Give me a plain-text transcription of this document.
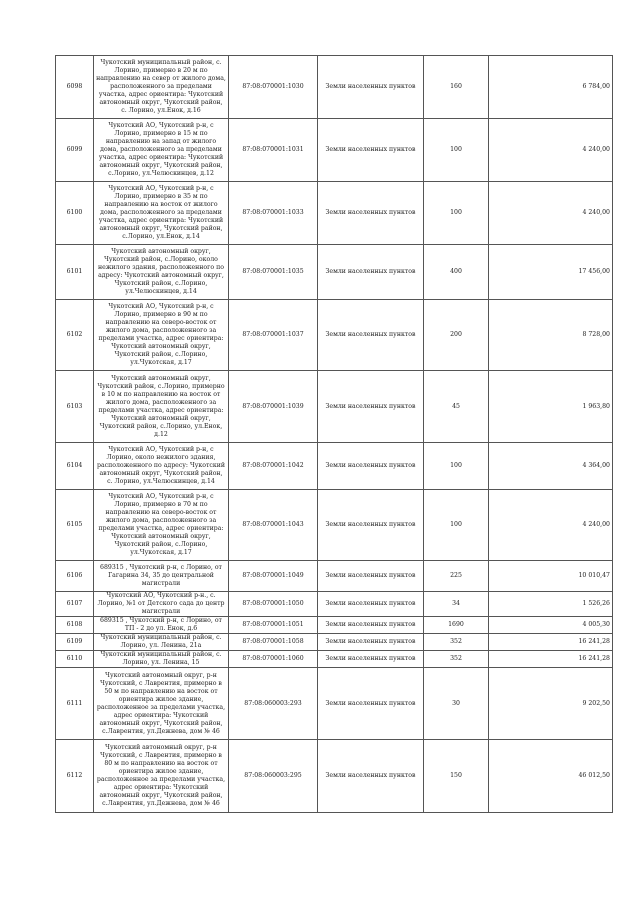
6098	Чукотский муниципальный район, с. Лорино, примерно в 20 м по направлению на север от жилого дома, расположенного за пределами участка, адрес ориентира: Чукотский автономный округ, Чукотский район, с. Лорино, ул.Енок, д.16	87:08:070001:1030	Земли населенных пунктов	160	6 784,00
6099	Чукотский АО, Чукотский р-н, с Лорино, примерно в 15 м по направлению на запад от жилого дома, расположенного за пределами участка, адрес ориентира: Чукотский автономный округ, Чукотский район, с.Лорино, ул.Челюскинцев, д.12	87:08:070001:1031	Земли населенных пунктов	100	4 240,00
6100	Чукотский АО, Чукотский р-н, с Лорино, примерно в 35 м по направлению на восток от жилого дома, расположенного за пределами участка, адрес ориентира: Чукотский автономный округ, Чукотский район, с.Лорино, ул.Енок, д.14	87:08:070001:1033	Земли населенных пунктов	100	4 240,00
6101	Чукотский автономный округ, Чукотский район, с.Лорино, около нежилого здания, расположенного по адресу: Чукотский автономный округ, Чукотский район, с.Лорино, ул.Челюскинцев, д.14	87:08:070001:1035	Земли населенных пунктов	400	17 456,00
6102	Чукотский АО, Чукотский р-н, с Лорино, примерно в 90 м по направлению на северо-восток от жилого дома, расположенного за пределами участка, адрес ориентира: Чукотский автономный округ, Чукотский район, с.Лорино, ул.Чукотская, д.17	87:08:070001:1037	Земли населенных пунктов	200	8 728,00
6103	Чукотский автономный округ, Чукотский район, с.Лорино, примерно в 10 м по направлению на восток от жилого дома, расположенного за пределами участка, адрес ориентира: Чукотский автономный округ, Чукотский район, с.Лорино, ул.Енок, д.12	87:08:070001:1039	Земли населенных пунктов	45	1 963,80
6104	Чукотский АО, Чукотский р-н, с Лорино, около нежилого здания, расположенного по адресу: Чукотский автономный округ, Чукотский район, с. Лорино, ул.Челюскинцев, д.14	87:08:070001:1042	Земли населенных пунктов	100	4 364,00
6105	Чукотский АО, Чукотский р-н, с Лорино, примерно в 70 м по направлению на северо-восток от жилого дома, расположенного за пределами участка, адрес ориентира: Чукотский автономный округ, Чукотский район, с.Лорино, ул.Чукотская, д.17	87:08:070001:1043	Земли населенных пунктов	100	4 240,00
6106	689315 , Чукотский р-н, с Лорино, от Гагарина 34, 35 до центральной магистрали	87:08:070001:1049	Земли населенных пунктов	225	10 010,47
6107	Чукотский АО, Чукотский р-н., с. Лорино, №1 от Детского сада до центр магистрали	87:08:070001:1050	Земли населенных пунктов	34	1 526,26
6108	689315 , Чукотский р-н, с Лорино, от ТП - 2 до ул. Енок, д.6	87:08:070001:1051	Земли населенных пунктов	1690	4 005,30
6109	Чукотский муниципальный район, с. Лорино, ул. Ленина, 21а	87:08:070001:1058	Земли населенных пунктов	352	16 241,28
6110	Чукотский муниципальный район, с. Лорино, ул. Ленина, 15	87:08:070001:1060	Земли населенных пунктов	352	16 241,28
6111	Чукотский автономный округ, р-н Чукотский, с Лаврентия, примерно в 50 м по направлению на восток от ориентира жилое здание, расположенное за пределами участка, адрес ориентира: Чукотский автономный округ, Чукотский район, с.Лаврентия, ул.Дежнева, дом № 46	87:08:060003:293	Земли населенных пунктов	30	9 202,50
6112	Чукотский автономный округ, р-н Чукотский, с Лаврентия, примерно в 80 м по направлению на восток от ориентира жилое здание, расположенное за пределами участка, адрес ориентира: Чукотский автономный округ, Чукотский район, с.Лаврентия, ул.Дежнева, дом № 46	87:08:060003:295	Земли населенных пунктов	150	46 012,50
